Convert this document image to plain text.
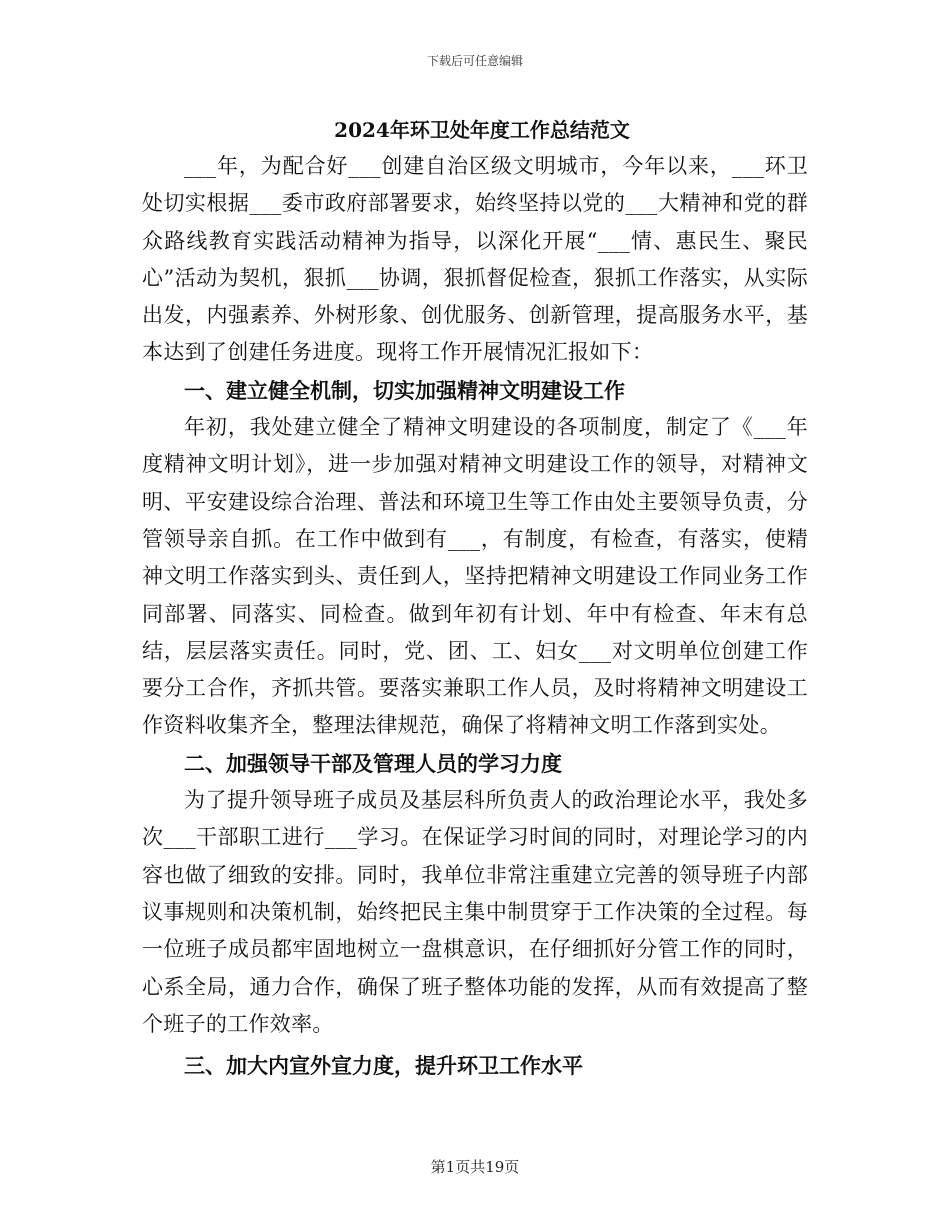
下载后可任意编辑
2024年环卫处年度工作总结范文

___年，为配合好___创建自治区级文明城市，今年以来，___环卫处切实根据___委市政府部署要求，始终坚持以党的___大精神和党的群众路线教育实践活动精神为指导，以深化开展“___情、惠民生、聚民心”活动为契机，狠抓___协调，狠抓督促检查，狠抓工作落实，从实际出发，内强素养、外树形象、创优服务、创新管理，提高服务水平，基本达到了创建任务进度。现将工作开展情况汇报如下：

一、建立健全机制，切实加强精神文明建设工作

年初，我处建立健全了精神文明建设的各项制度，制定了《___年度精神文明计划》，进一步加强对精神文明建设工作的领导，对精神文明、平安建设综合治理、普法和环境卫生等工作由处主要领导负责，分管领导亲自抓。在工作中做到有___，有制度，有检查，有落实，使精神文明工作落实到头、责任到人，坚持把精神文明建设工作同业务工作同部署、同落实、同检查。做到年初有计划、年中有检查、年末有总结，层层落实责任。同时，党、团、工、妇女___对文明单位创建工作要分工合作，齐抓共管。要落实兼职工作人员，及时将精神文明建设工作资料收集齐全，整理法律规范，确保了将精神文明工作落到实处。

二、加强领导干部及管理人员的学习力度

为了提升领导班子成员及基层科所负责人的政治理论水平，我处多次___干部职工进行___学习。在保证学习时间的同时，对理论学习的内容也做了细致的安排。同时，我单位非常注重建立完善的领导班子内部议事规则和决策机制，始终把民主集中制贯穿于工作决策的全过程。每一位班子成员都牢固地树立一盘棋意识，在仔细抓好分管工作的同时，心系全局，通力合作，确保了班子整体功能的发挥，从而有效提高了整个班子的工作效率。

三、加大内宣外宣力度，提升环卫工作水平

第1页共19页
